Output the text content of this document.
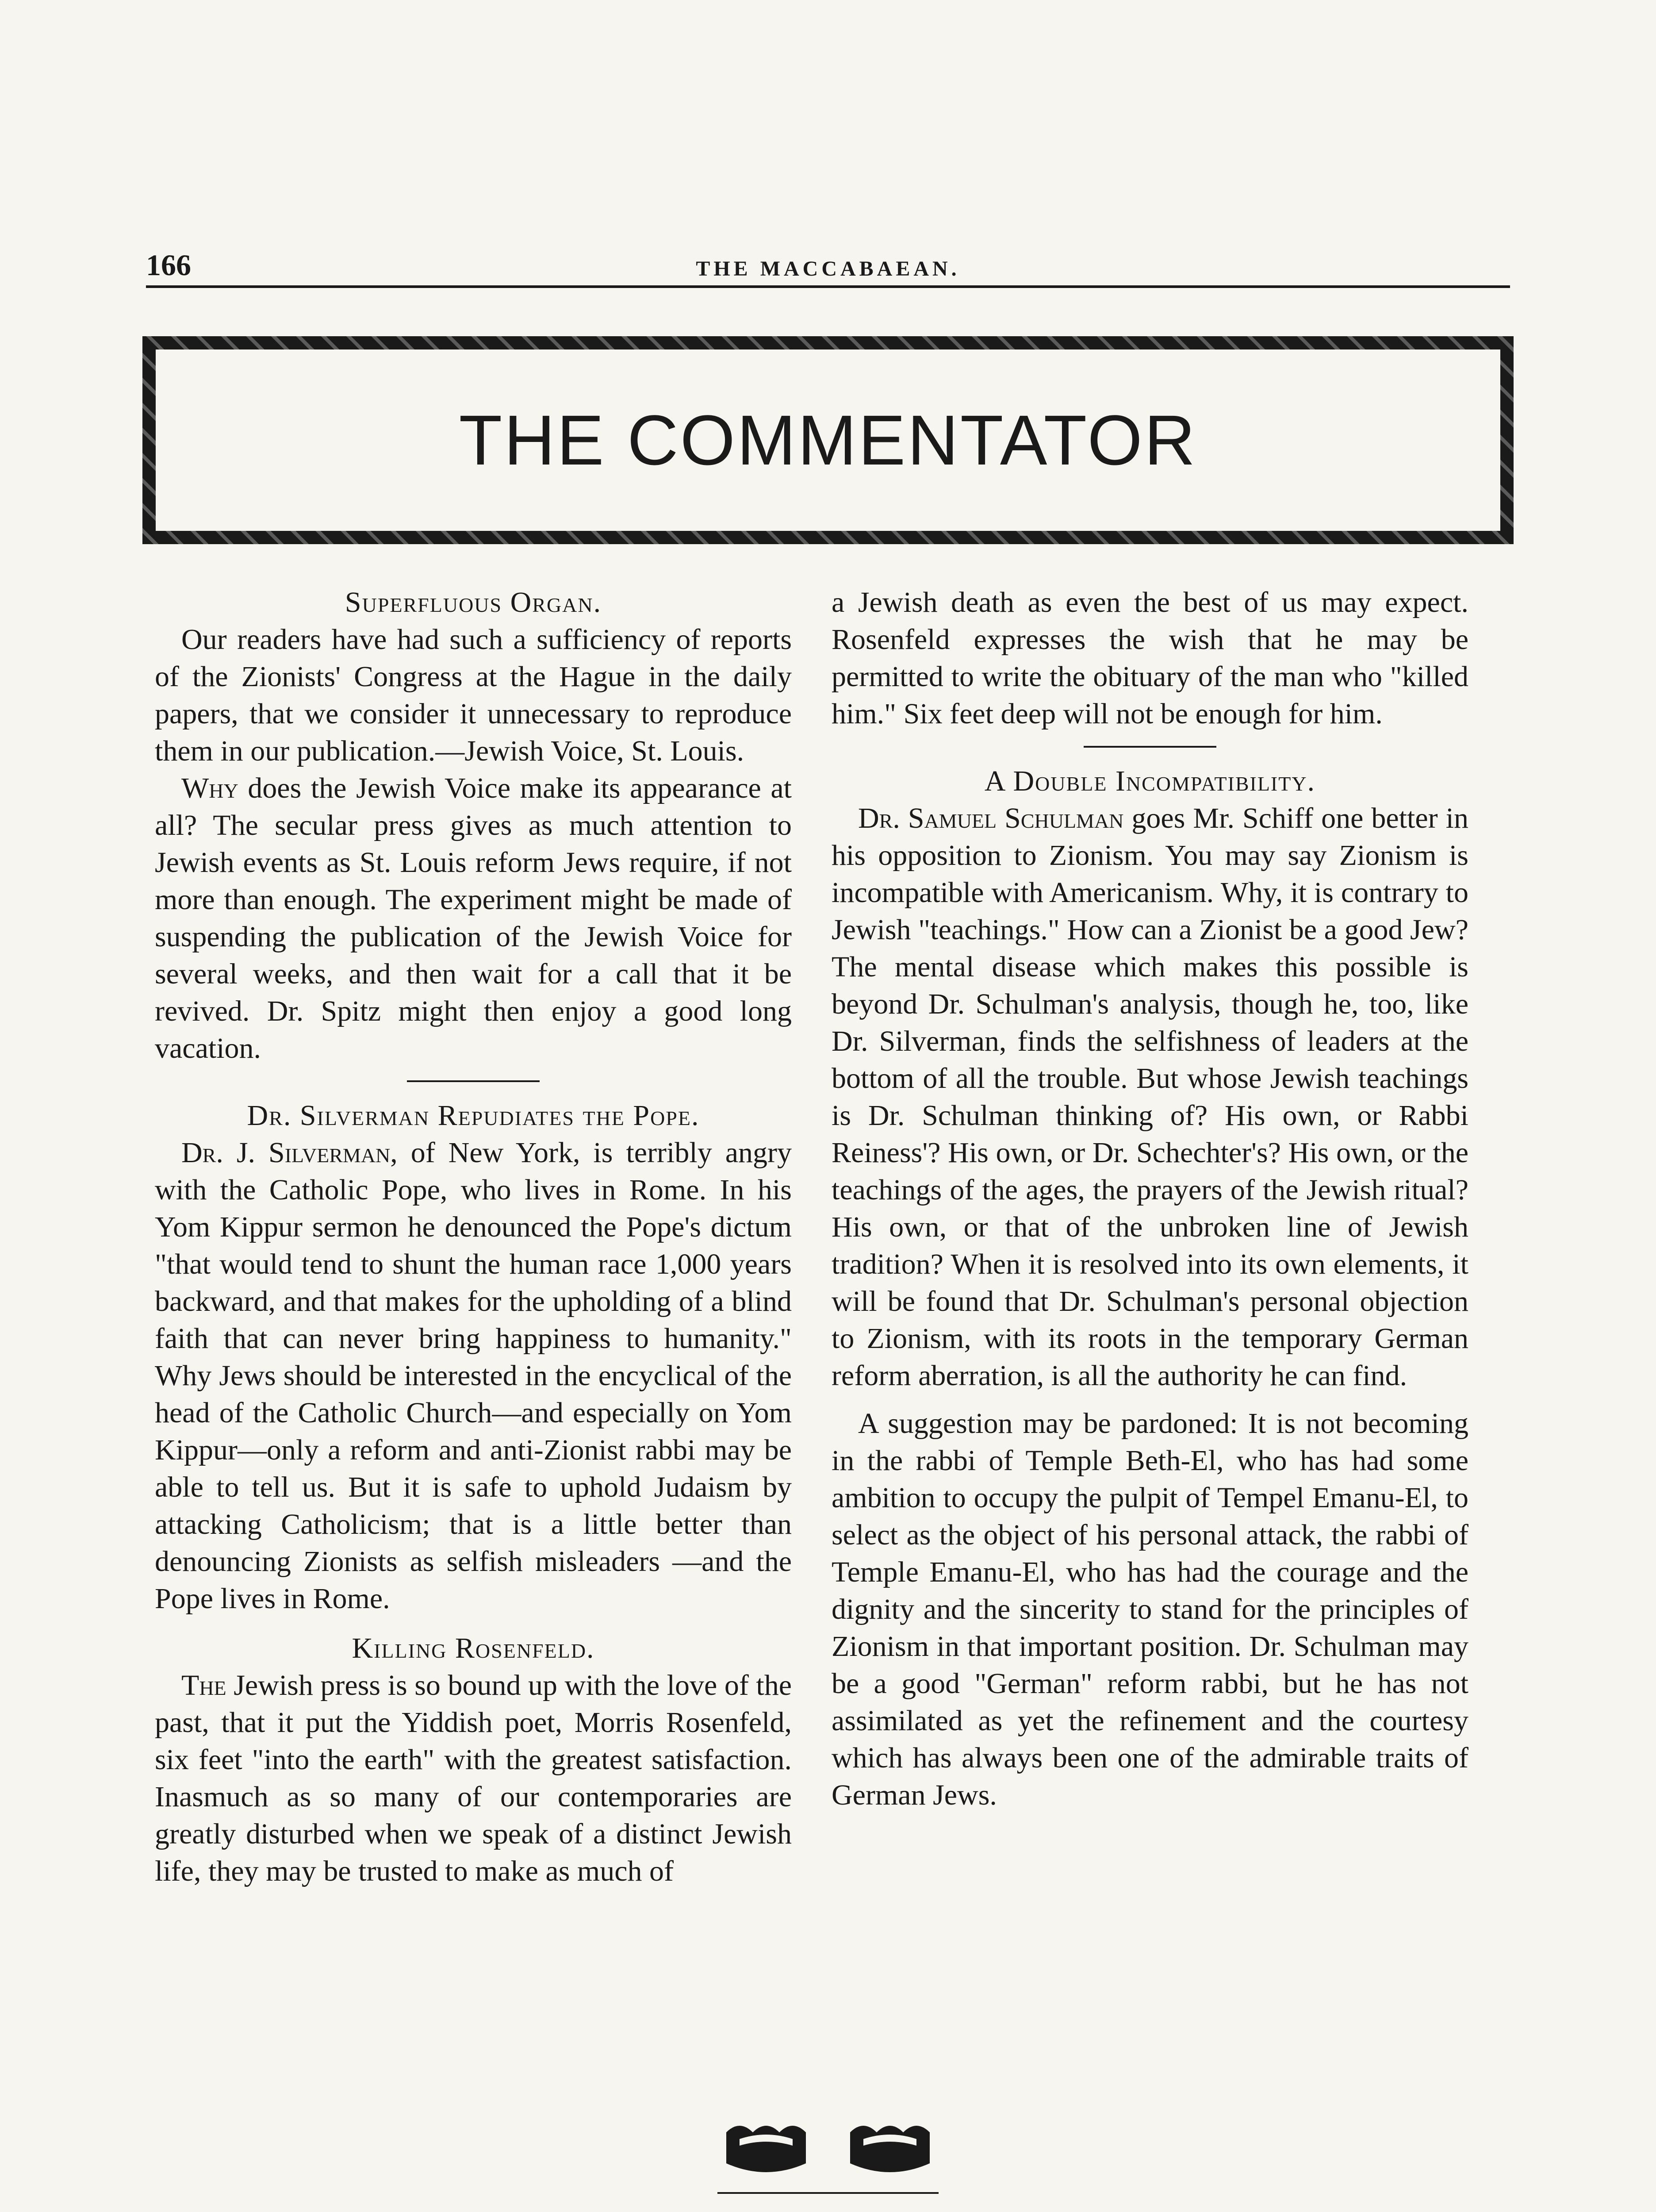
166	THE MACCABAEAN.
THE COMMENTATOR

Superfluous Organ.

Our readers have had such a sufficiency of reports of the Zionists' Congress at the Hague in the daily papers, that we consider it unnecessary to reproduce them in our publication.—Jewish Voice, St. Louis.

Why does the Jewish Voice make its appearance at all? The secular press gives as much attention to Jewish events as St. Louis reform Jews require, if not more than enough. The experiment might be made of suspending the publication of the Jewish Voice for several weeks, and then wait for a call that it be revived. Dr. Spitz might then enjoy a good long vacation.

Dr. Silverman Repudiates the Pope.

Dr. J. Silverman, of New York, is terribly angry with the Catholic Pope, who lives in Rome. In his Yom Kippur sermon he denounced the Pope's dictum "that would tend to shunt the human race 1,000 years backward, and that makes for the upholding of a blind faith that can never bring happiness to humanity." Why Jews should be interested in the encyclical of the head of the Catholic Church—and especially on Yom Kippur—only a reform and anti-Zionist rabbi may be able to tell us. But it is safe to uphold Judaism by attacking Catholicism; that is a little better than denouncing Zionists as selfish misleaders —and the Pope lives in Rome.

Killing Rosenfeld.

The Jewish press is so bound up with the love of the past, that it put the Yiddish poet, Morris Rosenfeld, six feet "into the earth" with the greatest satisfaction. Inasmuch as so many of our contemporaries are greatly disturbed when we speak of a distinct Jewish life, they may be trusted to make as much of

a Jewish death as even the best of us may expect. Rosenfeld expresses the wish that he may be permitted to write the obituary of the man who "killed him." Six feet deep will not be enough for him.

A Double Incompatibility.

Dr. Samuel Schulman goes Mr. Schiff one better in his opposition to Zionism. You may say Zionism is incompatible with Americanism. Why, it is contrary to Jewish "teachings." How can a Zionist be a good Jew? The mental disease which makes this possible is beyond Dr. Schulman's analysis, though he, too, like Dr. Silverman, finds the selfishness of leaders at the bottom of all the trouble. But whose Jewish teachings is Dr. Schulman thinking of? His own, or Rabbi Reiness'? His own, or Dr. Schechter's? His own, or the teachings of the ages, the prayers of the Jewish ritual? His own, or that of the unbroken line of Jewish tradition? When it is resolved into its own elements, it will be found that Dr. Schulman's personal objection to Zionism, with its roots in the temporary German reform aberration, is all the authority he can find.

A suggestion may be pardoned: It is not becoming in the rabbi of Temple Beth-El, who has had some ambition to occupy the pulpit of Tempel Emanu-El, to select as the object of his personal attack, the rabbi of Temple Emanu-El, who has had the courage and the dignity and the sincerity to stand for the principles of Zionism in that important position. Dr. Schulman may be a good "German" reform rabbi, but he has not assimilated as yet the refinement and the courtesy which has always been one of the admirable traits of German Jews.
